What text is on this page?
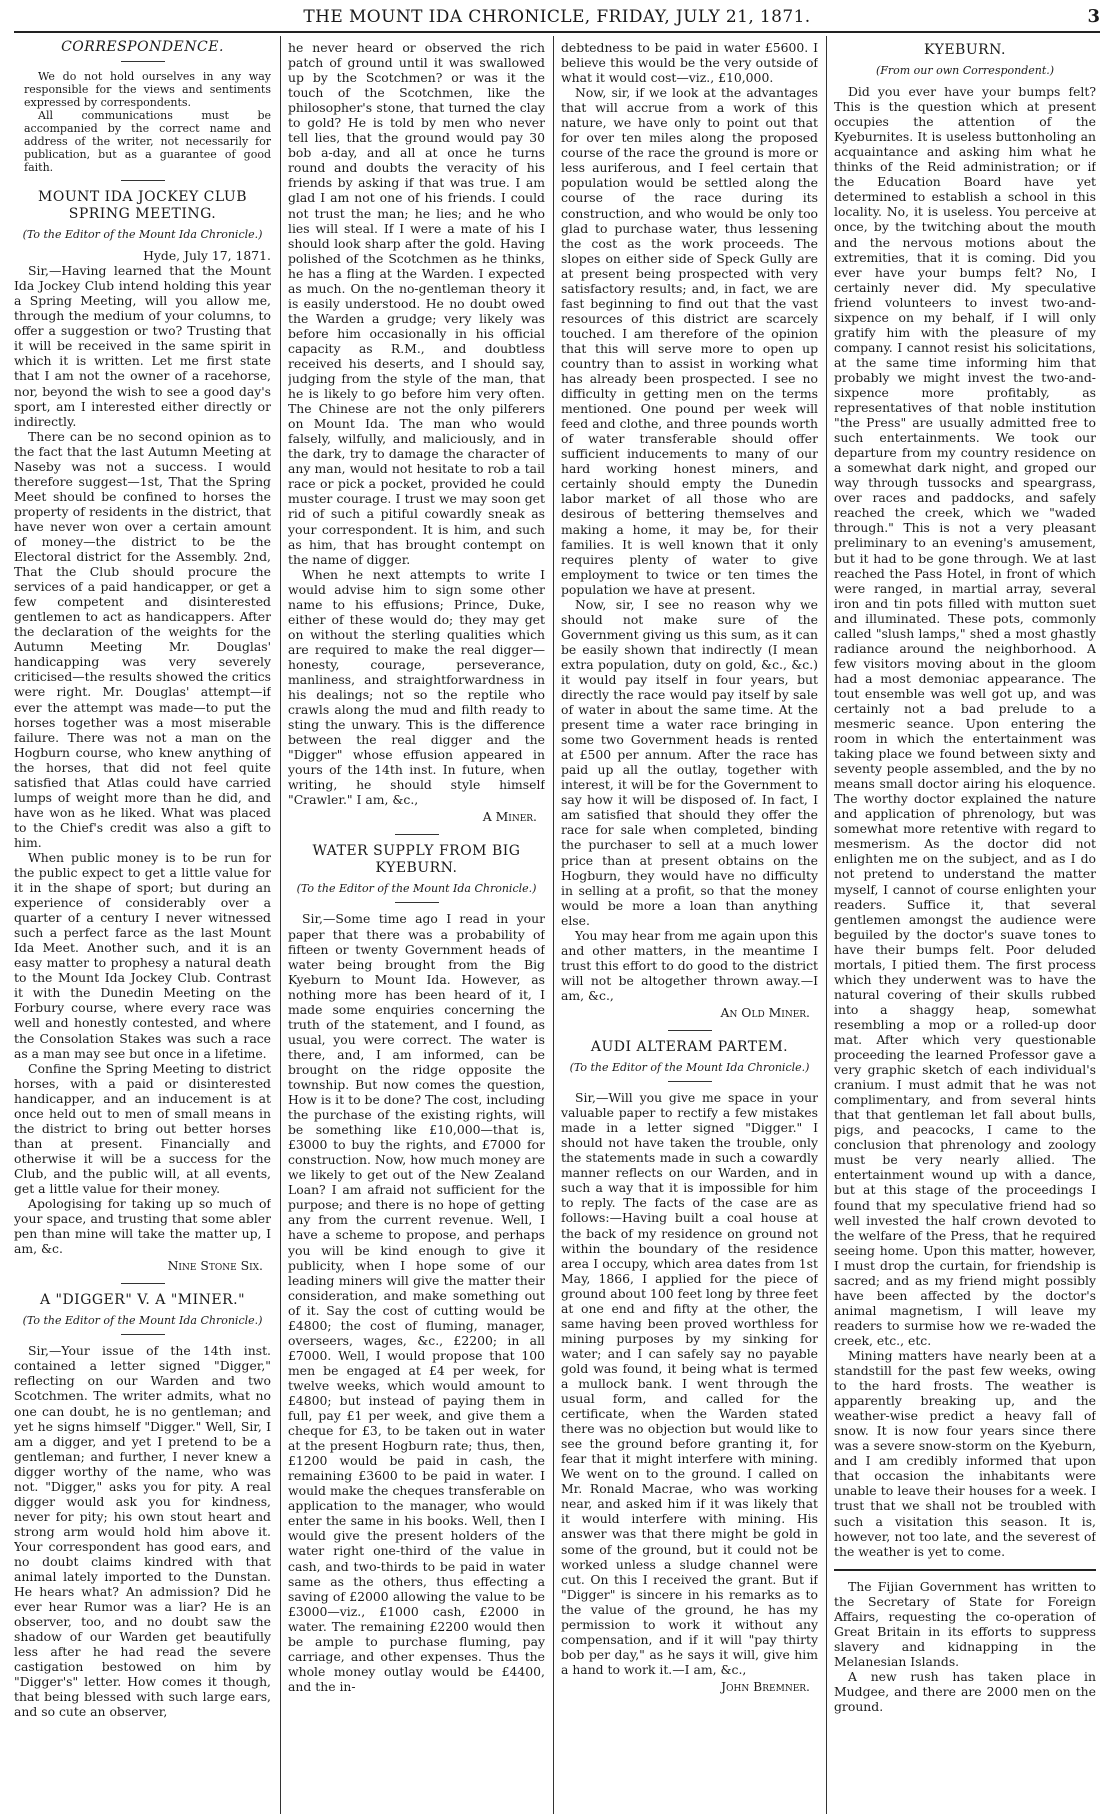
THE MOUNT IDA CHRONICLE, FRIDAY, JULY 21, 1871.	3
CORRESPONDENCE.

We do not hold ourselves in any way responsible for the views and sentiments expressed by correspondents.

All communications must be accompanied by the correct name and address of the writer, not necessarily for publication, but as a guarantee of good faith.

MOUNT IDA JOCKEY CLUB SPRING MEETING.
(To the Editor of the Mount Ida Chronicle.)
Hyde, July 17, 1871.

Sir,—Having learned that the Mount Ida Jockey Club intend holding this year a Spring Meeting, will you allow me, through the medium of your columns, to offer a suggestion or two? Trusting that it will be received in the same spirit in which it is written. Let me first state that I am not the owner of a racehorse, nor, beyond the wish to see a good day's sport, am I interested either directly or indirectly.

There can be no second opinion as to the fact that the last Autumn Meeting at Naseby was not a success. I would therefore suggest—1st, That the Spring Meet should be confined to horses the property of residents in the district, that have never won over a certain amount of money—the district to be the Electoral district for the Assembly. 2nd, That the Club should procure the services of a paid handicapper, or get a few competent and disinterested gentlemen to act as handicappers. After the declaration of the weights for the Autumn Meeting Mr. Douglas' handicapping was very severely criticised—the results showed the critics were right. Mr. Douglas' attempt—if ever the attempt was made—to put the horses together was a most miserable failure. There was not a man on the Hogburn course, who knew anything of the horses, that did not feel quite satisfied that Atlas could have carried lumps of weight more than he did, and have won as he liked. What was placed to the Chief's credit was also a gift to him.

When public money is to be run for the public expect to get a little value for it in the shape of sport; but during an experience of considerably over a quarter of a century I never witnessed such a perfect farce as the last Mount Ida Meet. Another such, and it is an easy matter to prophesy a natural death to the Mount Ida Jockey Club. Contrast it with the Dunedin Meeting on the Forbury course, where every race was well and honestly contested, and where the Consolation Stakes was such a race as a man may see but once in a lifetime.

Confine the Spring Meeting to district horses, with a paid or disinterested handicapper, and an inducement is at once held out to men of small means in the district to bring out better horses than at present. Financially and otherwise it will be a success for the Club, and the public will, at all events, get a little value for their money.

Apologising for taking up so much of your space, and trusting that some abler pen than mine will take the matter up, I am, &c.

Nine Stone Six.
A "DIGGER" V. A "MINER."
(To the Editor of the Mount Ida Chronicle.)

Sir,—Your issue of the 14th inst. contained a letter signed "Digger," reflecting on our Warden and two Scotchmen. The writer admits, what no one can doubt, he is no gentleman; and yet he signs himself "Digger." Well, Sir, I am a digger, and yet I pretend to be a gentleman; and further, I never knew a digger worthy of the name, who was not. "Digger," asks you for pity. A real digger would ask you for kindness, never for pity; his own stout heart and strong arm would hold him above it. Your correspondent has good ears, and no doubt claims kindred with that animal lately imported to the Dunstan. He hears what? An admission? Did he ever hear Rumor was a liar? He is an observer, too, and no doubt saw the shadow of our Warden get beautifully less after he had read the severe castigation bestowed on him by "Digger's" letter. How comes it though, that being blessed with such large ears, and so cute an observer,

he never heard or observed the rich patch of ground until it was swallowed up by the Scotchmen? or was it the touch of the Scotchmen, like the philosopher's stone, that turned the clay to gold? He is told by men who never tell lies, that the ground would pay 30 bob a-day, and all at once he turns round and doubts the veracity of his friends by asking if that was true. I am glad I am not one of his friends. I could not trust the man; he lies; and he who lies will steal. If I were a mate of his I should look sharp after the gold. Having polished of the Scotchmen as he thinks, he has a fling at the Warden. I expected as much. On the no-gentleman theory it is easily understood. He no doubt owed the Warden a grudge; very likely was before him occasionally in his official capacity as R.M., and doubtless received his deserts, and I should say, judging from the style of the man, that he is likely to go before him very often. The Chinese are not the only pilferers on Mount Ida. The man who would falsely, wilfully, and maliciously, and in the dark, try to damage the character of any man, would not hesitate to rob a tail race or pick a pocket, provided he could muster courage. I trust we may soon get rid of such a pitiful cowardly sneak as your correspondent. It is him, and such as him, that has brought contempt on the name of digger.

When he next attempts to write I would advise him to sign some other name to his effusions; Prince, Duke, either of these would do; they may get on without the sterling qualities which are required to make the real digger—honesty, courage, perseverance, manliness, and straightforwardness in his dealings; not so the reptile who crawls along the mud and filth ready to sting the unwary. This is the difference between the real digger and the "Digger" whose effusion appeared in yours of the 14th inst. In future, when writing, he should style himself "Crawler." I am, &c.,

A Miner.
WATER SUPPLY FROM BIG KYEBURN.
(To the Editor of the Mount Ida Chronicle.)

Sir,—Some time ago I read in your paper that there was a probability of fifteen or twenty Government heads of water being brought from the Big Kyeburn to Mount Ida. However, as nothing more has been heard of it, I made some enquiries concerning the truth of the statement, and I found, as usual, you were correct. The water is there, and, I am informed, can be brought on the ridge opposite the township. But now comes the question, How is it to be done? The cost, including the purchase of the existing rights, will be something like £10,000—that is, £3000 to buy the rights, and £7000 for construction. Now, how much money are we likely to get out of the New Zealand Loan? I am afraid not sufficient for the purpose; and there is no hope of getting any from the current revenue. Well, I have a scheme to propose, and perhaps you will be kind enough to give it publicity, when I hope some of our leading miners will give the matter their consideration, and make something out of it. Say the cost of cutting would be £4800; the cost of fluming, manager, overseers, wages, &c., £2200; in all £7000. Well, I would propose that 100 men be engaged at £4 per week, for twelve weeks, which would amount to £4800; but instead of paying them in full, pay £1 per week, and give them a cheque for £3, to be taken out in water at the present Hogburn rate; thus, then, £1200 would be paid in cash, the remaining £3600 to be paid in water. I would make the cheques transferable on application to the manager, who would enter the same in his books. Well, then I would give the present holders of the water right one-third of the value in cash, and two-thirds to be paid in water same as the others, thus effecting a saving of £2000 allowing the value to be £3000—viz., £1000 cash, £2000 in water. The remaining £2200 would then be ample to purchase fluming, pay carriage, and other expenses. Thus the whole money outlay would be £4400, and the in-

debtedness to be paid in water £5600. I believe this would be the very outside of what it would cost—viz., £10,000.

Now, sir, if we look at the advantages that will accrue from a work of this nature, we have only to point out that for over ten miles along the proposed course of the race the ground is more or less auriferous, and I feel certain that population would be settled along the course of the race during its construction, and who would be only too glad to purchase water, thus lessening the cost as the work proceeds. The slopes on either side of Speck Gully are at present being prospected with very satisfactory results; and, in fact, we are fast beginning to find out that the vast resources of this district are scarcely touched. I am therefore of the opinion that this will serve more to open up country than to assist in working what has already been prospected. I see no difficulty in getting men on the terms mentioned. One pound per week will feed and clothe, and three pounds worth of water transferable should offer sufficient inducements to many of our hard working honest miners, and certainly should empty the Dunedin labor market of all those who are desirous of bettering themselves and making a home, it may be, for their families. It is well known that it only requires plenty of water to give employment to twice or ten times the population we have at present.

Now, sir, I see no reason why we should not make sure of the Government giving us this sum, as it can be easily shown that indirectly (I mean extra population, duty on gold, &c., &c.) it would pay itself in four years, but directly the race would pay itself by sale of water in about the same time. At the present time a water race bringing in some two Government heads is rented at £500 per annum. After the race has paid up all the outlay, together with interest, it will be for the Government to say how it will be disposed of. In fact, I am satisfied that should they offer the race for sale when completed, binding the purchaser to sell at a much lower price than at present obtains on the Hogburn, they would have no difficulty in selling at a profit, so that the money would be more a loan than anything else.

You may hear from me again upon this and other matters, in the meantime I trust this effort to do good to the district will not be altogether thrown away.—I am, &c.,

An Old Miner.
AUDI ALTERAM PARTEM.
(To the Editor of the Mount Ida Chronicle.)

Sir,—Will you give me space in your valuable paper to rectify a few mistakes made in a letter signed "Digger." I should not have taken the trouble, only the statements made in such a cowardly manner reflects on our Warden, and in such a way that it is impossible for him to reply. The facts of the case are as follows:—Having built a coal house at the back of my residence on ground not within the boundary of the residence area I occupy, which area dates from 1st May, 1866, I applied for the piece of ground about 100 feet long by three feet at one end and fifty at the other, the same having been proved worthless for mining purposes by my sinking for water; and I can safely say no payable gold was found, it being what is termed a mullock bank. I went through the usual form, and called for the certificate, when the Warden stated there was no objection but would like to see the ground before granting it, for fear that it might interfere with mining. We went on to the ground. I called on Mr. Ronald Macrae, who was working near, and asked him if it was likely that it would interfere with mining. His answer was that there might be gold in some of the ground, but it could not be worked unless a sludge channel were cut. On this I received the grant. But if "Digger" is sincere in his remarks as to the value of the ground, he has my permission to work it without any compensation, and if it will "pay thirty bob per day," as he says it will, give him a hand to work it.—I am, &c.,

John Bremner.
KYEBURN.
(From our own Correspondent.)

Did you ever have your bumps felt? This is the question which at present occupies the attention of the Kyeburnites. It is useless buttonholing an acquaintance and asking him what he thinks of the Reid administration; or if the Education Board have yet determined to establish a school in this locality. No, it is useless. You perceive at once, by the twitching about the mouth and the nervous motions about the extremities, that it is coming. Did you ever have your bumps felt? No, I certainly never did. My speculative friend volunteers to invest two-and-sixpence on my behalf, if I will only gratify him with the pleasure of my company. I cannot resist his solicitations, at the same time informing him that probably we might invest the two-and-sixpence more profitably, as representatives of that noble institution "the Press" are usually admitted free to such entertainments. We took our departure from my country residence on a somewhat dark night, and groped our way through tussocks and speargrass, over races and paddocks, and safely reached the creek, which we "waded through." This is not a very pleasant preliminary to an evening's amusement, but it had to be gone through. We at last reached the Pass Hotel, in front of which were ranged, in martial array, several iron and tin pots filled with mutton suet and illuminated. These pots, commonly called "slush lamps," shed a most ghastly radiance around the neighborhood. A few visitors moving about in the gloom had a most demoniac appearance. The tout ensemble was well got up, and was certainly not a bad prelude to a mesmeric seance. Upon entering the room in which the entertainment was taking place we found between sixty and seventy people assembled, and the by no means small doctor airing his eloquence. The worthy doctor explained the nature and application of phrenology, but was somewhat more retentive with regard to mesmerism. As the doctor did not enlighten me on the subject, and as I do not pretend to understand the matter myself, I cannot of course enlighten your readers. Suffice it, that several gentlemen amongst the audience were beguiled by the doctor's suave tones to have their bumps felt. Poor deluded mortals, I pitied them. The first process which they underwent was to have the natural covering of their skulls rubbed into a shaggy heap, somewhat resembling a mop or a rolled-up door mat. After which very questionable proceeding the learned Professor gave a very graphic sketch of each individual's cranium. I must admit that he was not complimentary, and from several hints that that gentleman let fall about bulls, pigs, and peacocks, I came to the conclusion that phrenology and zoology must be very nearly allied. The entertainment wound up with a dance, but at this stage of the proceedings I found that my speculative friend had so well invested the half crown devoted to the welfare of the Press, that he required seeing home. Upon this matter, however, I must drop the curtain, for friendship is sacred; and as my friend might possibly have been affected by the doctor's animal magnetism, I will leave my readers to surmise how we re-waded the creek, etc., etc.

Mining matters have nearly been at a standstill for the past few weeks, owing to the hard frosts. The weather is apparently breaking up, and the weather-wise predict a heavy fall of snow. It is now four years since there was a severe snow-storm on the Kyeburn, and I am credibly informed that upon that occasion the inhabitants were unable to leave their houses for a week. I trust that we shall not be troubled with such a visitation this season. It is, however, not too late, and the severest of the weather is yet to come.

The Fijian Government has written to the Secretary of State for Foreign Affairs, requesting the co-operation of Great Britain in its efforts to suppress slavery and kidnapping in the Melanesian Islands.

A new rush has taken place in Mudgee, and there are 2000 men on the ground.
